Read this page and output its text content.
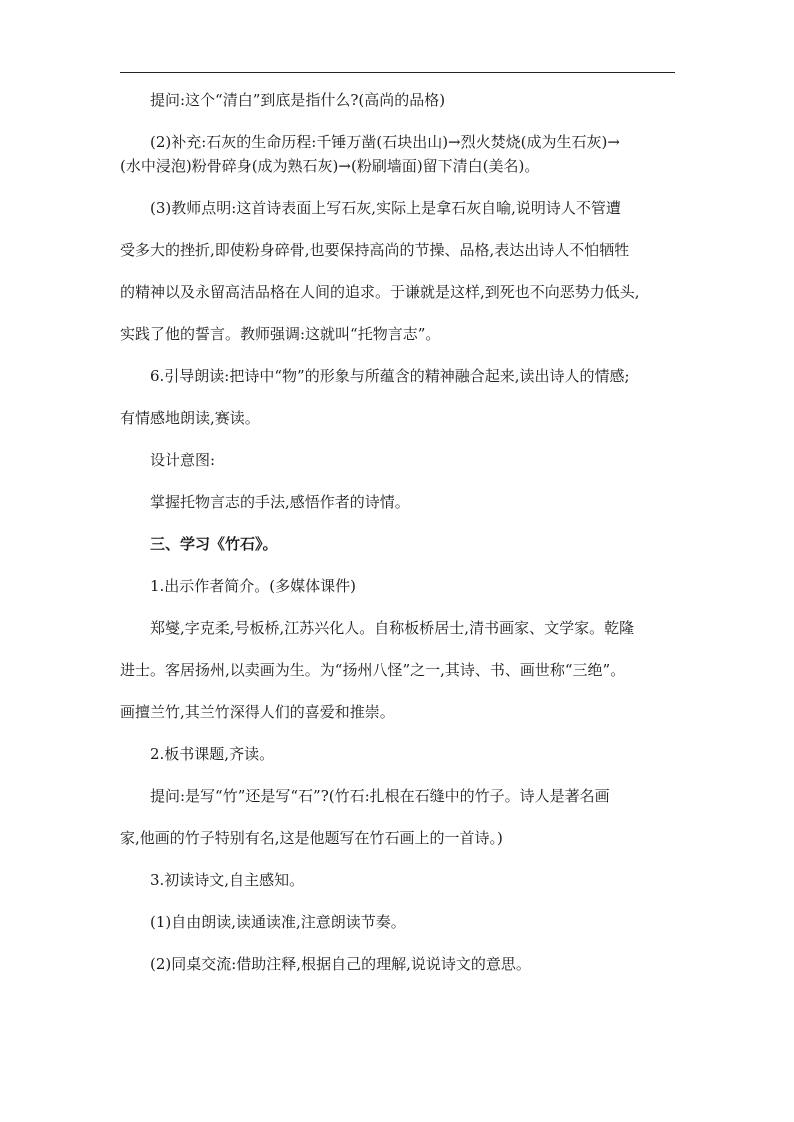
提问:这个“清白”到底是指什么?(高尚的品格)

(2)补充:石灰的生命历程:千锤万凿(石块出山)→烈火焚烧(成为生石灰)→

(水中浸泡)粉骨碎身(成为熟石灰)→(粉刷墙面)留下清白(美名)。

(3)教师点明:这首诗表面上写石灰,实际上是拿石灰自喻,说明诗人不管遭

受多大的挫折,即使粉身碎骨,也要保持高尚的节操、品格,表达出诗人不怕牺牲

的精神以及永留高洁品格在人间的追求。于谦就是这样,到死也不向恶势力低头,

实践了他的誓言。教师强调:这就叫“托物言志”。

6.引导朗读:把诗中“物”的形象与所蕴含的精神融合起来,读出诗人的情感;

有情感地朗读,赛读。

设计意图:

掌握托物言志的手法,感悟作者的诗情。

三、学习《竹石》。

1.出示作者简介。(多媒体课件)

郑燮,字克柔,号板桥,江苏兴化人。自称板桥居士,清书画家、文学家。乾隆

进士。客居扬州,以卖画为生。为“扬州八怪”之一,其诗、书、画世称“三绝”。

画擅兰竹,其兰竹深得人们的喜爱和推崇。

2.板书课题,齐读。

提问:是写“竹”还是写“石”?(竹石:扎根在石缝中的竹子。诗人是著名画

家,他画的竹子特别有名,这是他题写在竹石画上的一首诗。)

3.初读诗文,自主感知。

(1)自由朗读,读通读准,注意朗读节奏。

(2)同桌交流:借助注释,根据自己的理解,说说诗文的意思。
